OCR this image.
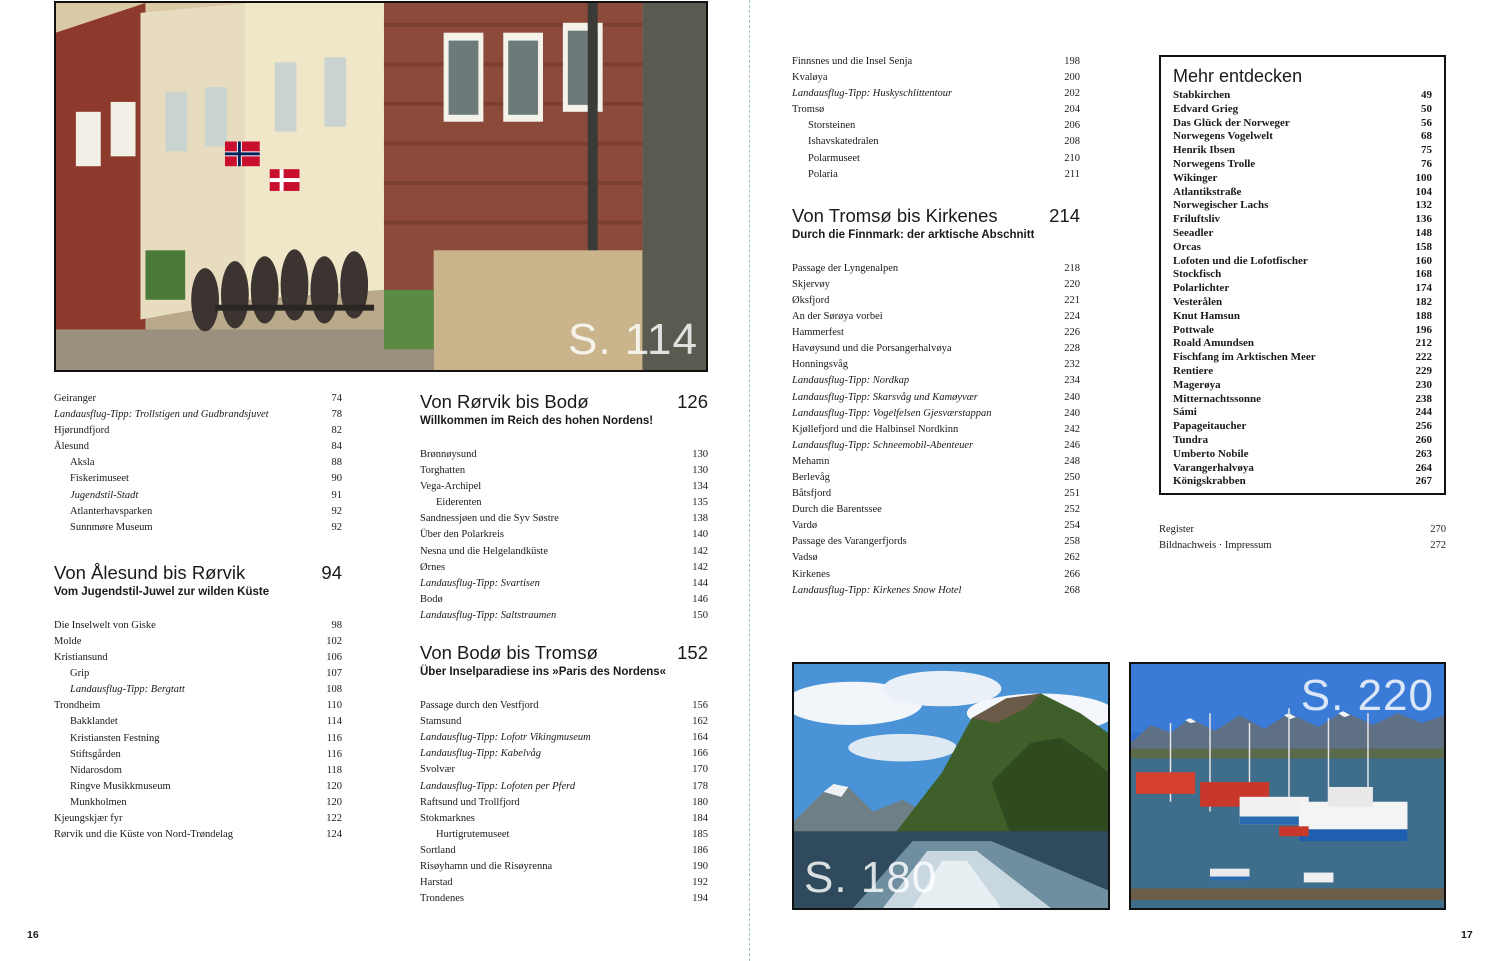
S. 114
Geiranger	74
Landausflug-Tipp: Trollstigen und Gudbrandsjuvet	78
Hjørundfjord	82
Ålesund	84
Aksla	88
Fiskerimuseet	90
Jugendstil-Stadt	91
Atlanterhavsparken	92
Sunnmøre Museum	92
Von Ålesund bis Rørvik	94
Vom Jugendstil-Juwel zur wilden Küste
Die Inselwelt von Giske	98
Molde	102
Kristiansund	106
Grip	107
Landausflug-Tipp: Bergtatt	108
Trondheim	110
Bakklandet	114
Kristiansten Festning	116
Stiftsgården	116
Nidarosdom	118
Ringve Musikkmuseum	120
Munkholmen	120
Kjeungskjær fyr	122
Rørvik und die Küste von Nord-Trøndelag	124
Von Rørvik bis Bodø	126
Willkommen im Reich des hohen Nordens!
Brønnøysund	130
Torghatten	130
Vega-Archipel	134
Eiderenten	135
Sandnessjøen und die Syv Søstre	138
Über den Polarkreis	140
Nesna und die Helgelandküste	142
Ørnes	142
Landausflug-Tipp: Svartisen	144
Bodø	146
Landausflug-Tipp: Saltstraumen	150
Von Bodø bis Tromsø	152
Über Inselparadiese ins »Paris des Nordens«
Passage durch den Vestfjord	156
Stamsund	162
Landausflug-Tipp: Lofotr Vikingmuseum	164
Landausflug-Tipp: Kabelvåg	166
Svolvær	170
Landausflug-Tipp: Lofoten per Pferd	178
Raftsund und Trollfjord	180
Stokmarknes	184
Hurtigrutemuseet	185
Sortland	186
Risøyhamn und die Risøyrenna	190
Harstad	192
Trondenes	194
Finnsnes und die Insel Senja	198
Kvaløya	200
Landausflug-Tipp: Huskyschlittentour	202
Tromsø	204
Storsteinen	206
Ishavskatedralen	208
Polarmuseet	210
Polaria	211
Von Tromsø bis Kirkenes	214
Durch die Finnmark: der arktische Abschnitt
Passage der Lyngenalpen	218
Skjervøy	220
Øksfjord	221
An der Sørøya vorbei	224
Hammerfest	226
Havøysund und die Porsangerhalvøya	228
Honningsvåg	232
Landausflug-Tipp: Nordkap	234
Landausflug-Tipp: Skarsvåg und Kamøyvær	240
Landausflug-Tipp: Vogelfelsen Gjesværstappan	240
Kjøllefjord und die Halbinsel Nordkinn	242
Landausflug-Tipp: Schneemobil-Abenteuer	246
Mehamn	248
Berlevåg	250
Båtsfjord	251
Durch die Barentssee	252
Vardø	254
Passage des Varangerfjords	258
Vadsø	262
Kirkenes	266
Landausflug-Tipp: Kirkenes Snow Hotel	268
Mehr entdecken
Stabkirchen	49
Edvard Grieg	50
Das Glück der Norweger	56
Norwegens Vogelwelt	68
Henrik Ibsen	75
Norwegens Trolle	76
Wikinger	100
Atlantikstraße	104
Norwegischer Lachs	132
Friluftsliv	136
Seeadler	148
Orcas	158
Lofoten und die Lofotfischer	160
Stockfisch	168
Polarlichter	174
Vesterålen	182
Knut Hamsun	188
Pottwale	196
Roald Amundsen	212
Fischfang im Arktischen Meer	222
Rentiere	229
Magerøya	230
Mitternachtssonne	238
Sámi	244
Papageitaucher	256
Tundra	260
Umberto Nobile	263
Varangerhalvøya	264
Königskrabben	267
Register	270
Bildnachweis · Impressum	272
S. 180
S. 220
16	17
